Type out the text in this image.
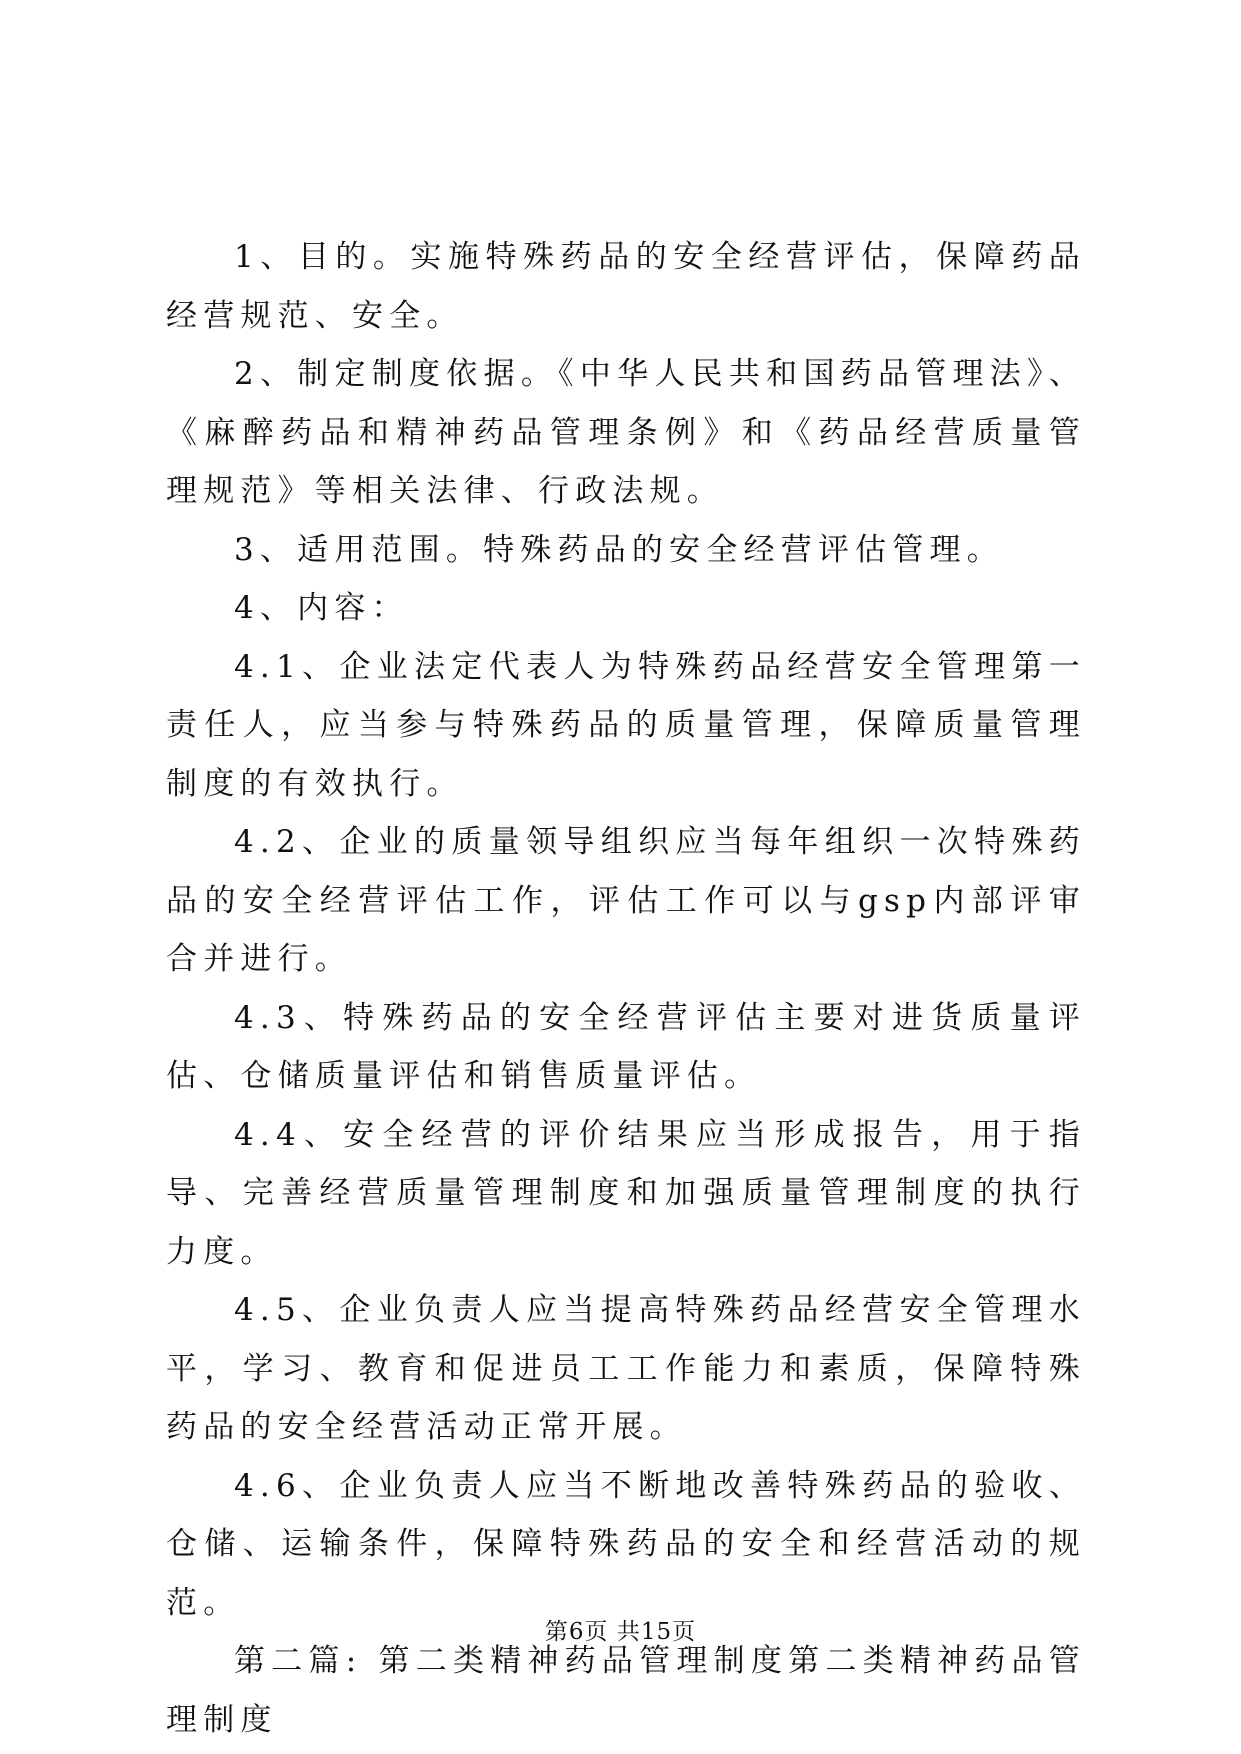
1、目的。实施特殊药品的安全经营评估，保障药品经营规范、安全。

2、制定制度依据。《中华人民共和国药品管理法》、《麻醉药品和精神药品管理条例》和《药品经营质量管理规范》等相关法律、行政法规。

3、适用范围。特殊药品的安全经营评估管理。

4、内容：

4.1、企业法定代表人为特殊药品经营安全管理第一责任人，应当参与特殊药品的质量管理，保障质量管理制度的有效执行。

4.2、企业的质量领导组织应当每年组织一次特殊药品的安全经营评估工作，评估工作可以与gsp内部评审合并进行。

4.3、特殊药品的安全经营评估主要对进货质量评估、仓储质量评估和销售质量评估。

4.4、安全经营的评价结果应当形成报告，用于指导、完善经营质量管理制度和加强质量管理制度的执行力度。

4.5、企业负责人应当提高特殊药品经营安全管理水平，学习、教育和促进员工工作能力和素质，保障特殊药品的安全经营活动正常开展。

4.6、企业负责人应当不断地改善特殊药品的验收、仓储、运输条件，保障特殊药品的安全和经营活动的规范。

第二篇: 第二类精神药品管理制度第二类精神药品管理制度

第6页 共15页
